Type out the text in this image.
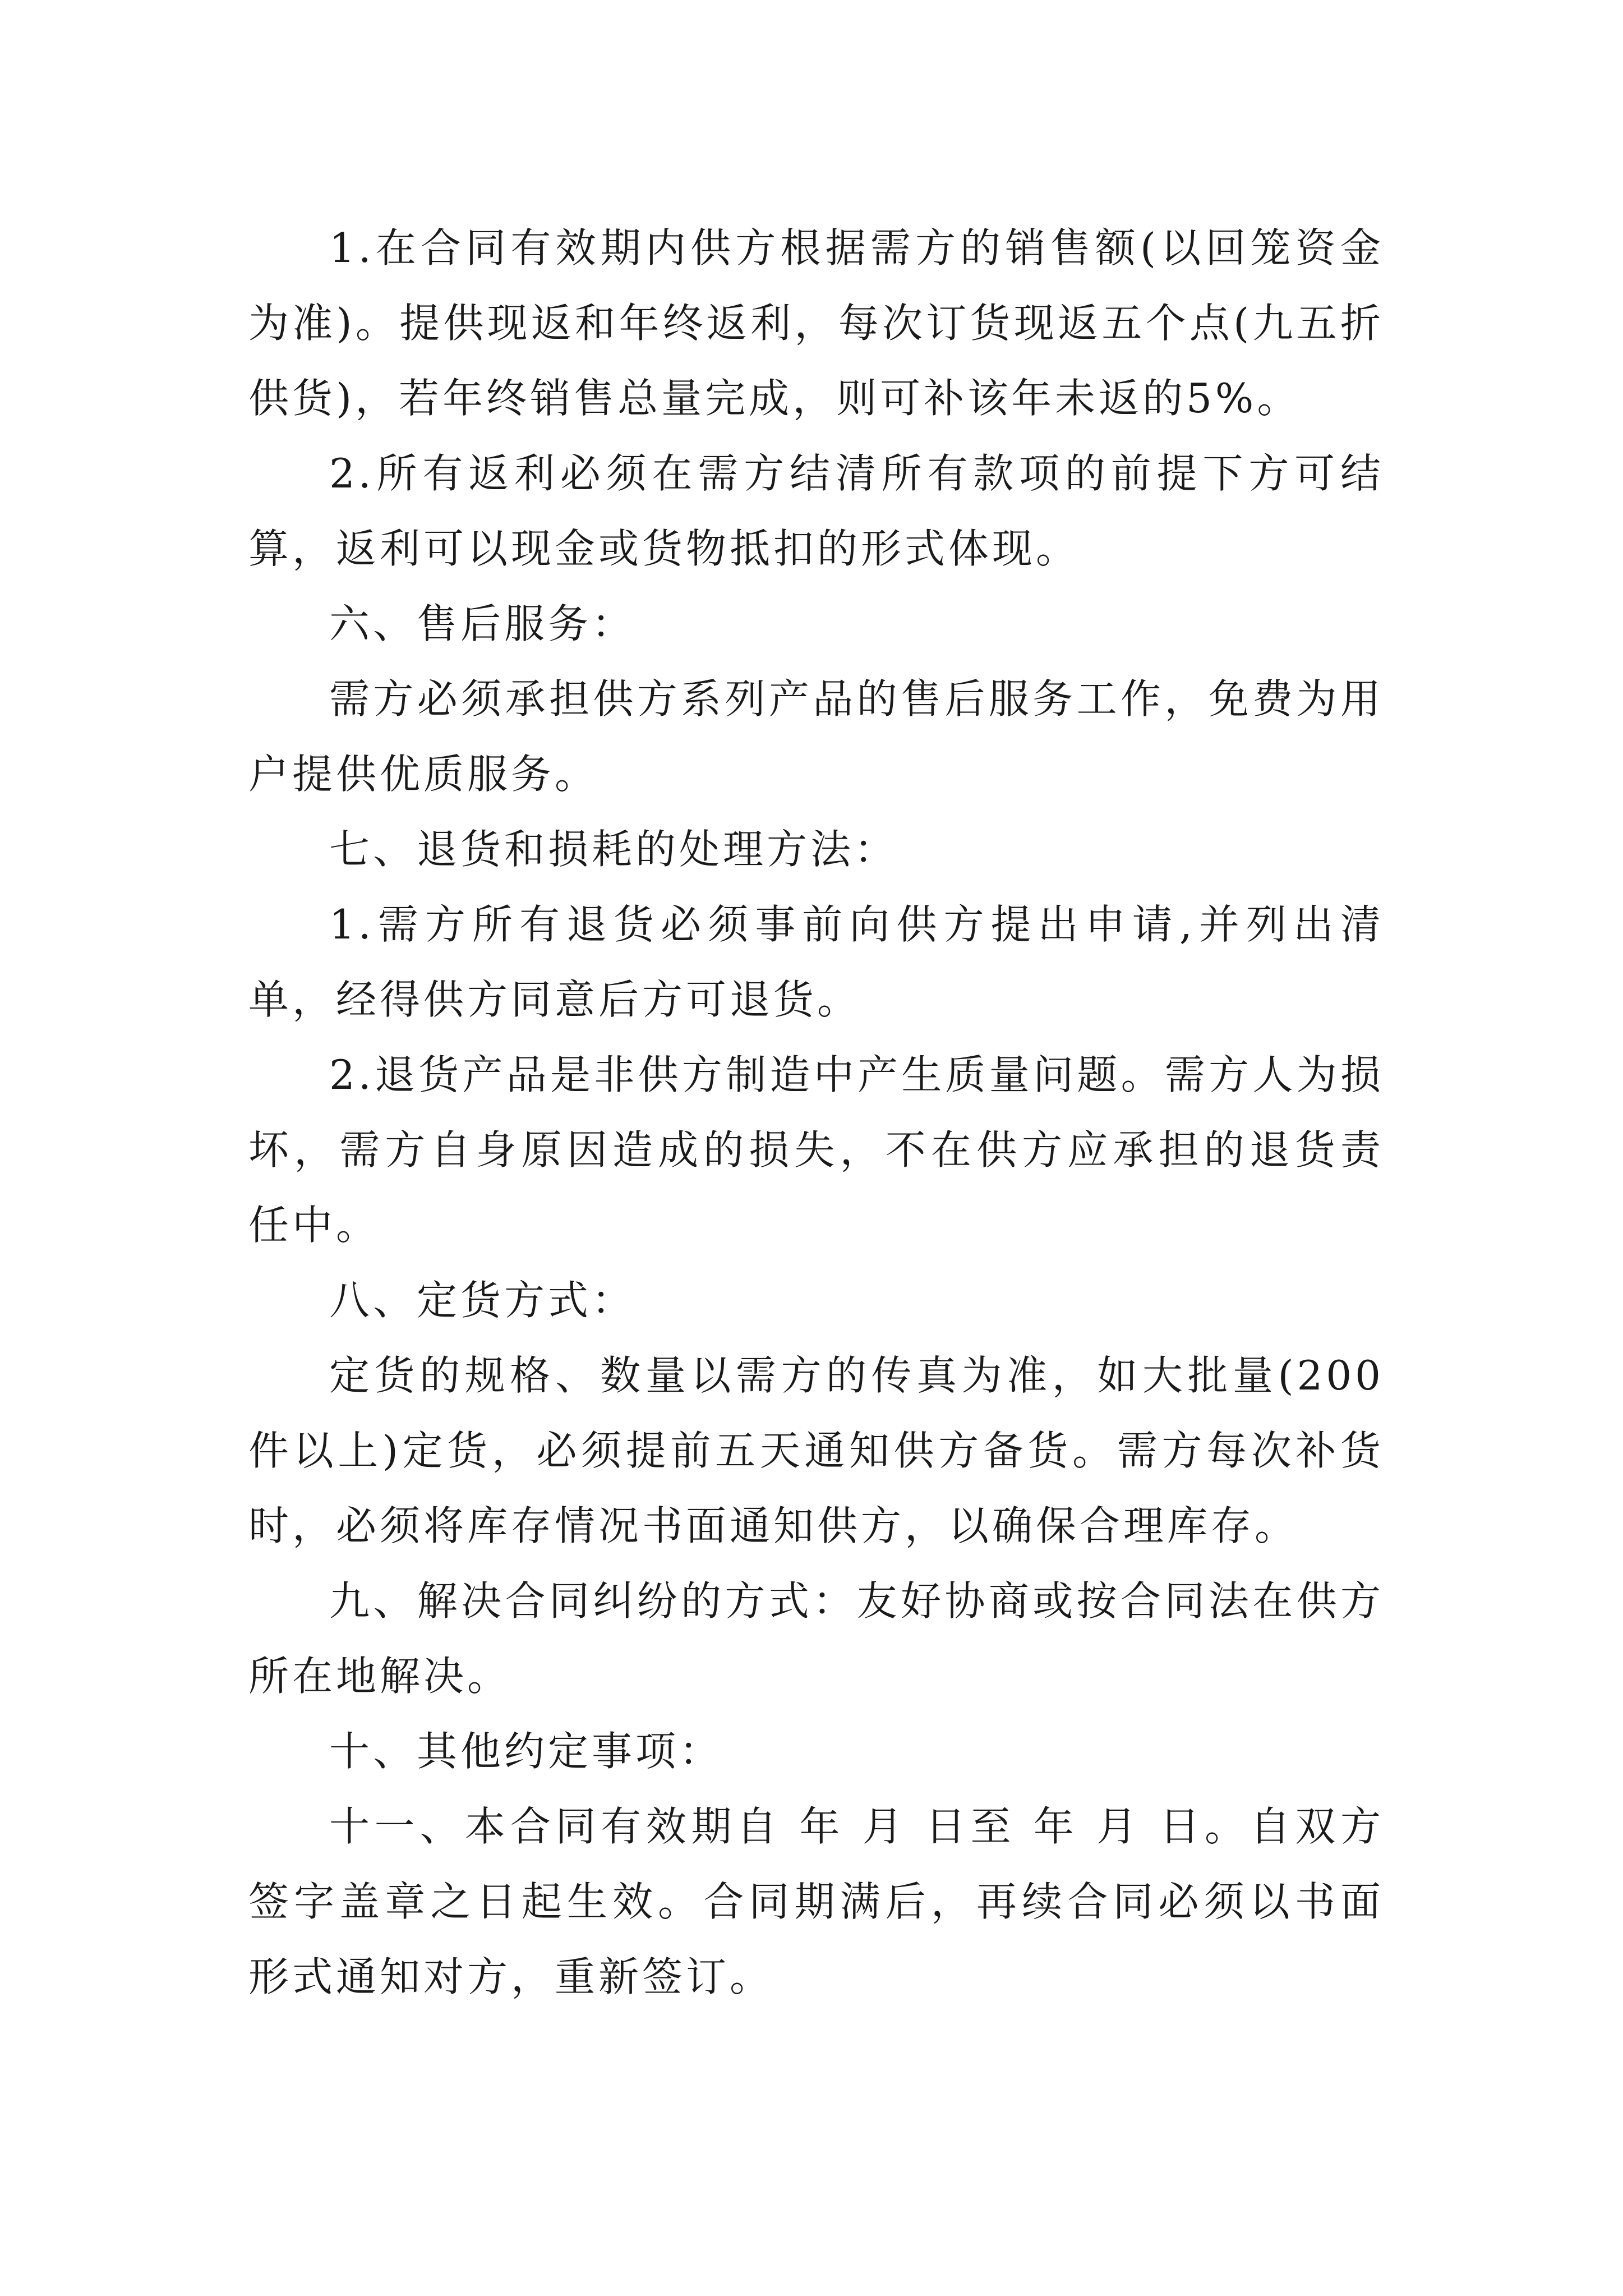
1.在合同有效期内供方根据需方的销售额(以回笼资金为准)。提供现返和年终返利，每次订货现返五个点(九五折供货)，若年终销售总量完成，则可补该年未返的5%。

2.所有返利必须在需方结清所有款项的前提下方可结算，返利可以现金或货物抵扣的形式体现。

六、售后服务：

需方必须承担供方系列产品的售后服务工作，免费为用户提供优质服务。

七、退货和损耗的处理方法：

1.需方所有退货必须事前向供方提出申请,并列出清单，经得供方同意后方可退货。

2.退货产品是非供方制造中产生质量问题。需方人为损坏，需方自身原因造成的损失，不在供方应承担的退货责任中。

八、定货方式：

定货的规格、数量以需方的传真为准，如大批量(200件以上)定货，必须提前五天通知供方备货。需方每次补货时，必须将库存情况书面通知供方，以确保合理库存。

九、解决合同纠纷的方式：友好协商或按合同法在供方所在地解决。

十、其他约定事项：

十一、本合同有效期自 年 月 日至 年 月 日。自双方签字盖章之日起生效。合同期满后，再续合同必须以书面形式通知对方，重新签订。
